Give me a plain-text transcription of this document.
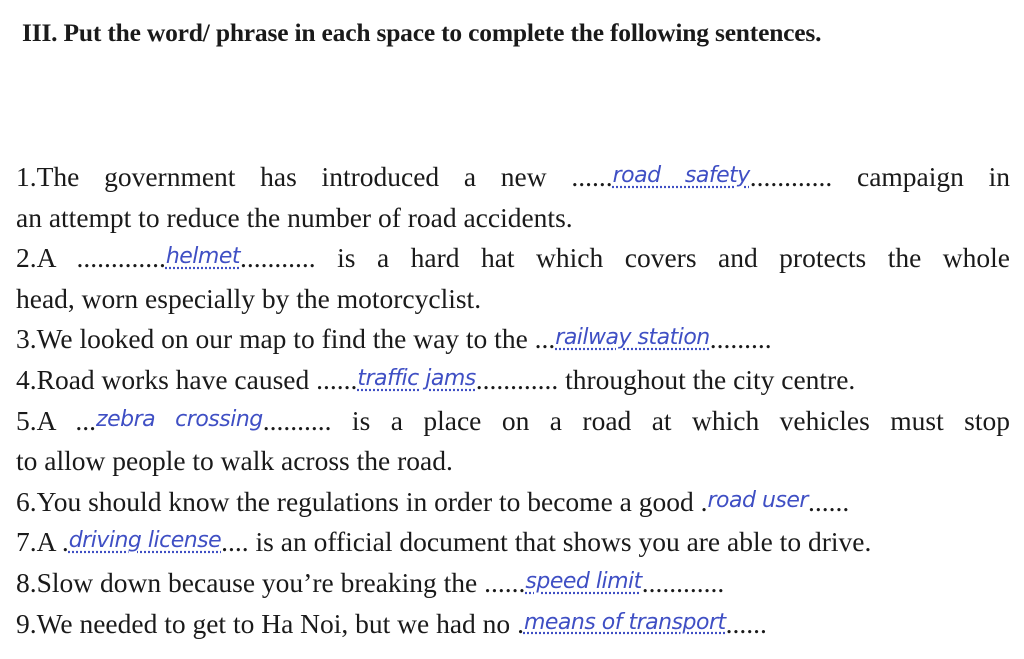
III. Put the word/ phrase in each space to complete the following sentences.
1.The government has introduced a new ......road safety............ campaign in
an attempt to reduce the number of road accidents.
2.A .............helmet........... is a hard hat which covers and protects the whole
head, worn especially by the motorcyclist.
3.We looked on our map to find the way to the ...railway station.........
4.Road works have caused ......traffic jams............ throughout the city centre.
5.A ...zebra crossing.......... is a place on a road at which vehicles must stop
to allow people to walk across the road.
6.You should know the regulations in order to become a good .road user......
7.A .driving license.... is an official document that shows you are able to drive.
8.Slow down because you’re breaking the ......speed limit............
9.We needed to get to Ha Noi, but we had no .means of transport......
